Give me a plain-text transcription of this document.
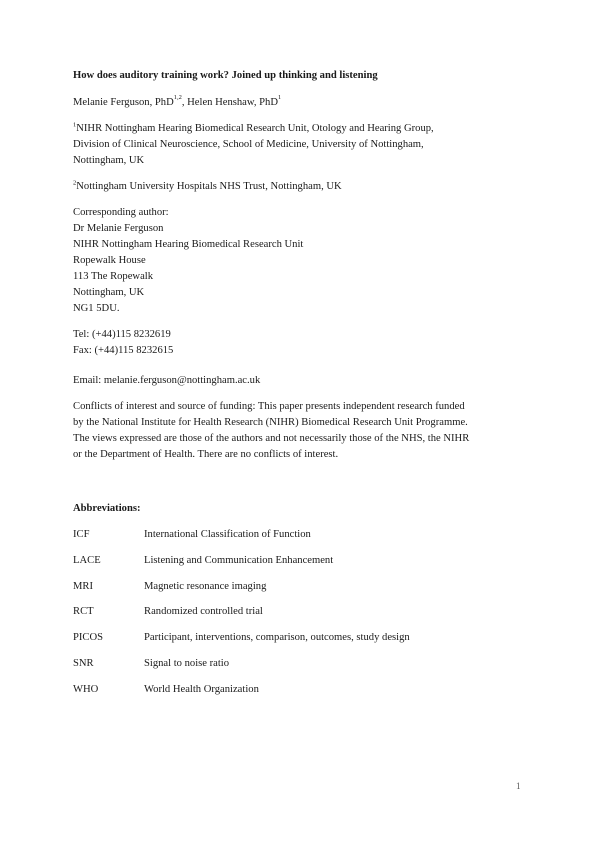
How does auditory training work? Joined up thinking and listening
Melanie Ferguson, PhD$^{1,2}$, Helen Henshaw, PhD$^1$
$^1$NIHR Nottingham Hearing Biomedical Research Unit, Otology and Hearing Group,
Division of Clinical Neuroscience, School of Medicine, University of Nottingham,
Nottingham, UK
$^2$Nottingham University Hospitals NHS Trust, Nottingham, UK
Corresponding author:
Dr Melanie Ferguson
NIHR Nottingham Hearing Biomedical Research Unit
Ropewalk House
113 The Ropewalk
Nottingham, UK
NG1 5DU.
Tel: (+44)115 8232619
Fax: (+44)115 8232615
Email: melanie.ferguson@nottingham.ac.uk
Conflicts of interest and source of funding: This paper presents independent research funded
by the National Institute for Health Research (NIHR) Biomedical Research Unit Programme.
The views expressed are those of the authors and not necessarily those of the NHS, the NIHR
or the Department of Health. There are no conflicts of interest.
Abbreviations:
ICF	International Classification of Function
LACE	Listening and Communication Enhancement
MRI	Magnetic resonance imaging
RCT	Randomized controlled trial
PICOS	Participant, interventions, comparison, outcomes, study design
SNR	Signal to noise ratio
WHO	World Health Organization
1
